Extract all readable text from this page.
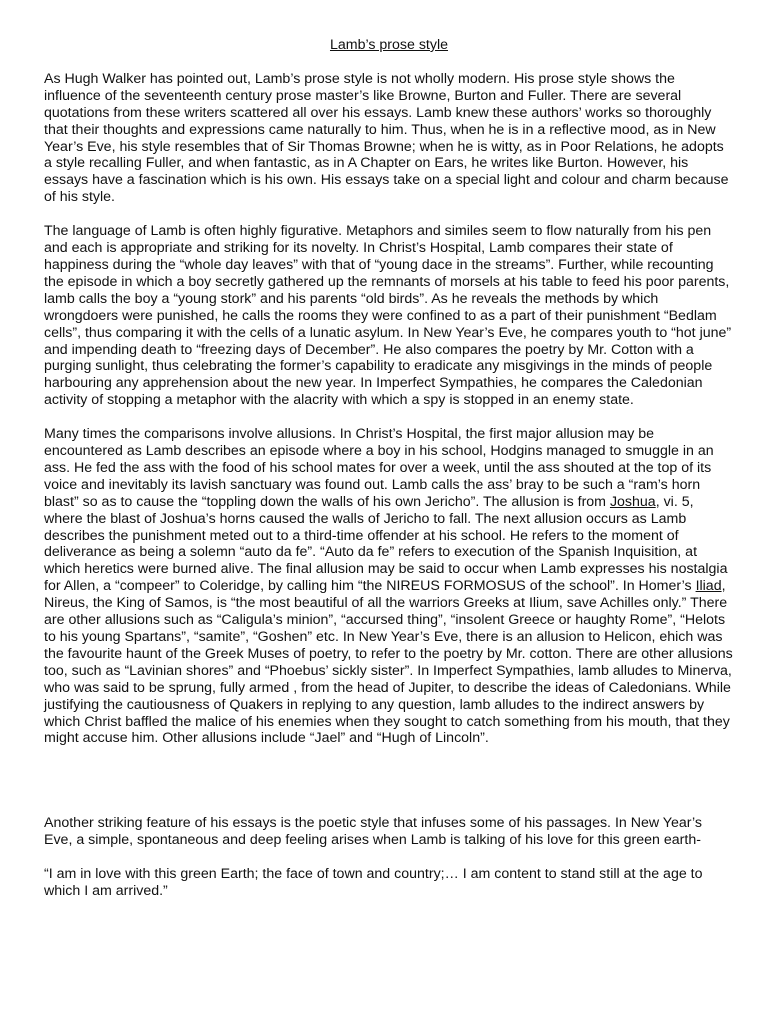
Lamb’s prose style

As Hugh Walker has pointed out, Lamb’s prose style is not wholly modern. His prose style shows the influence of the seventeenth century prose master’s like Browne, Burton and Fuller. There are several quotations from these writers scattered all over his essays. Lamb knew these authors’ works so thoroughly that their thoughts and expressions came naturally to him. Thus, when he is in a reflective mood, as in New Year’s Eve, his style resembles that of Sir Thomas Browne; when he is witty, as in Poor Relations, he adopts a style recalling Fuller, and when fantastic, as in A Chapter on Ears, he writes like Burton. However, his essays have a fascination which is his own. His essays take on a special light and colour and charm because of his style.

The language of Lamb is often highly figurative. Metaphors and similes seem to flow naturally from his pen and each is appropriate and striking for its novelty. In Christ’s Hospital, Lamb compares their state of happiness during the “whole day leaves” with that of “young dace in the streams”. Further, while recounting the episode in which a boy secretly gathered up the remnants of morsels at his table to feed his poor parents, lamb calls the boy a “young stork” and his parents “old birds”. As he reveals the methods by which wrongdoers were punished, he calls the rooms they were confined to as a part of their punishment “Bedlam cells”, thus comparing it with the cells of a lunatic asylum. In New Year’s Eve, he compares youth to “hot june” and impending death to “freezing days of December”. He also compares the poetry by Mr. Cotton with a purging sunlight, thus celebrating the former’s capability to eradicate any misgivings in the minds of people harbouring any apprehension about the new year. In Imperfect Sympathies, he compares the Caledonian activity of stopping a metaphor with the alacrity with which a spy is stopped in an enemy state.

Many times the comparisons involve allusions. In Christ’s Hospital, the first major allusion may be encountered as Lamb describes an episode where a boy in his school, Hodgins managed to smuggle in an ass. He fed the ass with the food of his school mates for over a week, until the ass shouted at the top of its voice and inevitably its lavish sanctuary was found out. Lamb calls the ass’ bray to be such a “ram’s horn blast” so as to cause the “toppling down the walls of his own Jericho”. The allusion is from Joshua, vi. 5, where the blast of Joshua’s horns caused the walls of Jericho to fall. The next allusion occurs as Lamb describes the punishment meted out to a third-time offender at his school. He refers to the moment of deliverance as being a solemn “auto da fe”. “Auto da fe” refers to execution of the Spanish Inquisition, at which heretics were burned alive. The final allusion may be said to occur when Lamb expresses his nostalgia for Allen, a “compeer” to Coleridge, by calling him “the NIREUS FORMOSUS of the school”. In Homer’s Iliad, Nireus, the King of Samos, is “the most beautiful of all the warriors Greeks at Ilium, save Achilles only.” There are other allusions such as “Caligula’s minion”, “accursed thing”, “insolent Greece or haughty Rome”, “Helots to his young Spartans”, “samite”, “Goshen” etc. In New Year’s Eve, there is an allusion to Helicon, ehich was the favourite haunt of the Greek Muses of poetry, to refer to the poetry by Mr. cotton. There are other allusions too, such as “Lavinian shores” and “Phoebus’ sickly sister”. In Imperfect Sympathies, lamb alludes to Minerva, who was said to be sprung, fully armed , from the head of Jupiter, to describe the ideas of Caledonians. While justifying the cautiousness of Quakers in replying to any question, lamb alludes to the indirect answers by which Christ baffled the malice of his enemies when they sought to catch something from his mouth, that they might accuse him. Other allusions include “Jael” and “Hugh of Lincoln”.

Another striking feature of his essays is the poetic style that infuses some of his passages. In New Year’s Eve, a simple, spontaneous and deep feeling arises when Lamb is talking of his love for this green earth-

“I am in love with this green Earth; the face of town and country;… I am content to stand still at the age to which I am arrived.”
